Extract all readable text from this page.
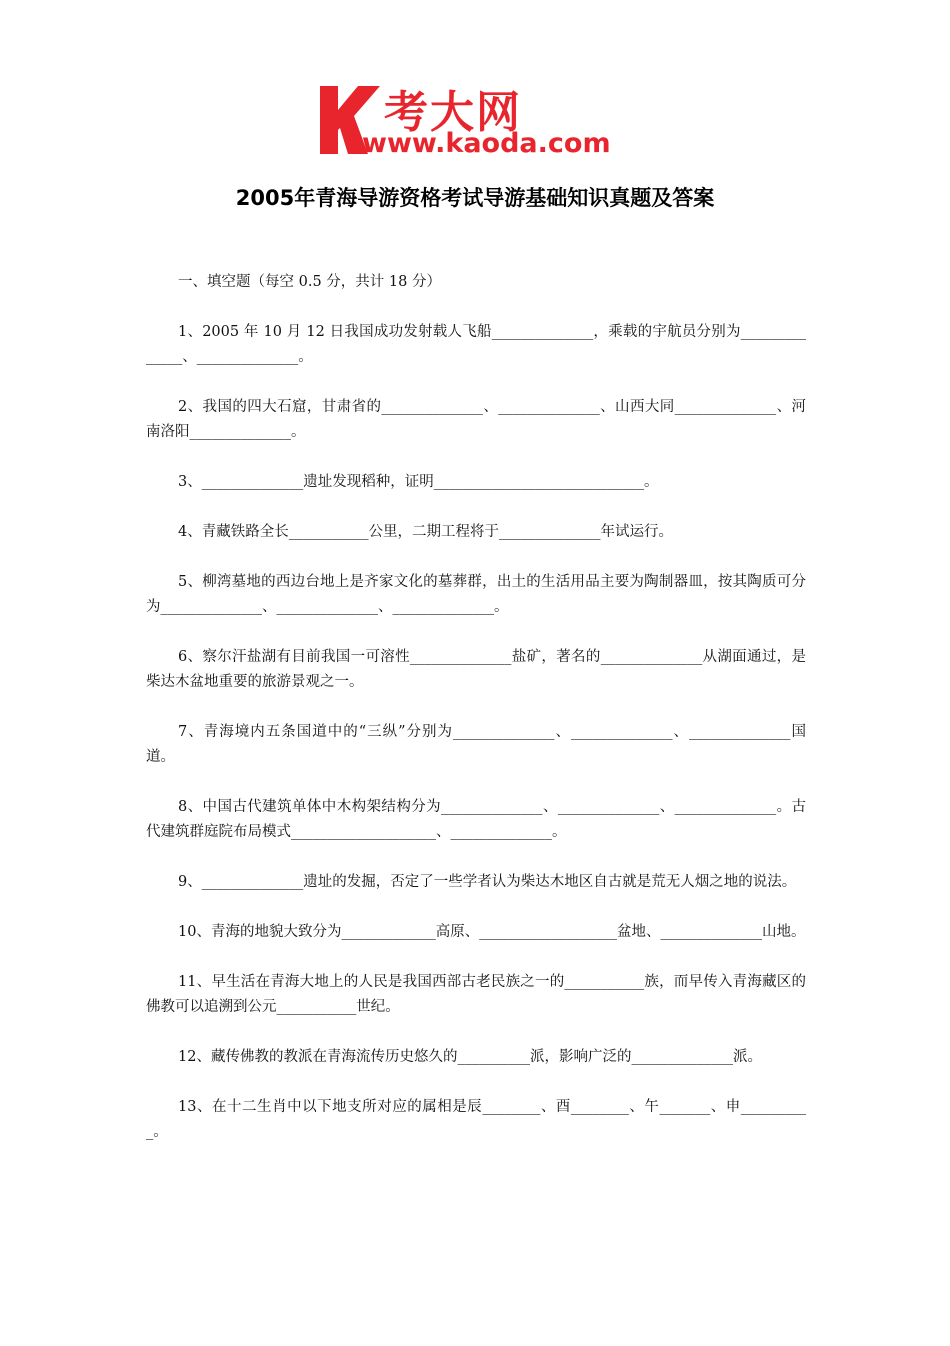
考大网
www.kaoda.com
2005年青海导游资格考试导游基础知识真题及答案

一、填空题（每空 0.5 分，共计 18 分）

1、2005 年 10 月 12 日我国成功发射载人飞船______________，乘载的宇航员分别为______________、______________。

2、我国的四大石窟，甘肃省的______________、______________、山西大同______________、河南洛阳______________。

3、______________遗址发现稻种，证明_____________________________。

4、青藏铁路全长___________公里，二期工程将于______________年试运行。

5、柳湾墓地的西边台地上是齐家文化的墓葬群，出土的生活用品主要为陶制器皿，按其陶质可分为______________、______________、______________。

6、察尔汗盐湖有目前我国一可溶性______________盐矿，著名的______________从湖面通过，是柴达木盆地重要的旅游景观之一。

7、青海境内五条国道中的“三纵”分别为______________、______________、______________国道。

8、中国古代建筑单体中木构架结构分为______________、______________、______________。古代建筑群庭院布局模式____________________、______________。

9、______________遗址的发掘，否定了一些学者认为柴达木地区自古就是荒无人烟之地的说法。

10、青海的地貌大致分为_____________高原、___________________盆地、______________山地。

11、早生活在青海大地上的人民是我国西部古老民族之一的___________族，而早传入青海藏区的佛教可以追溯到公元___________世纪。

12、藏传佛教的教派在青海流传历史悠久的__________派，影响广泛的______________派。

13、在十二生肖中以下地支所对应的属相是辰________、酉________、午_______、申__________。
